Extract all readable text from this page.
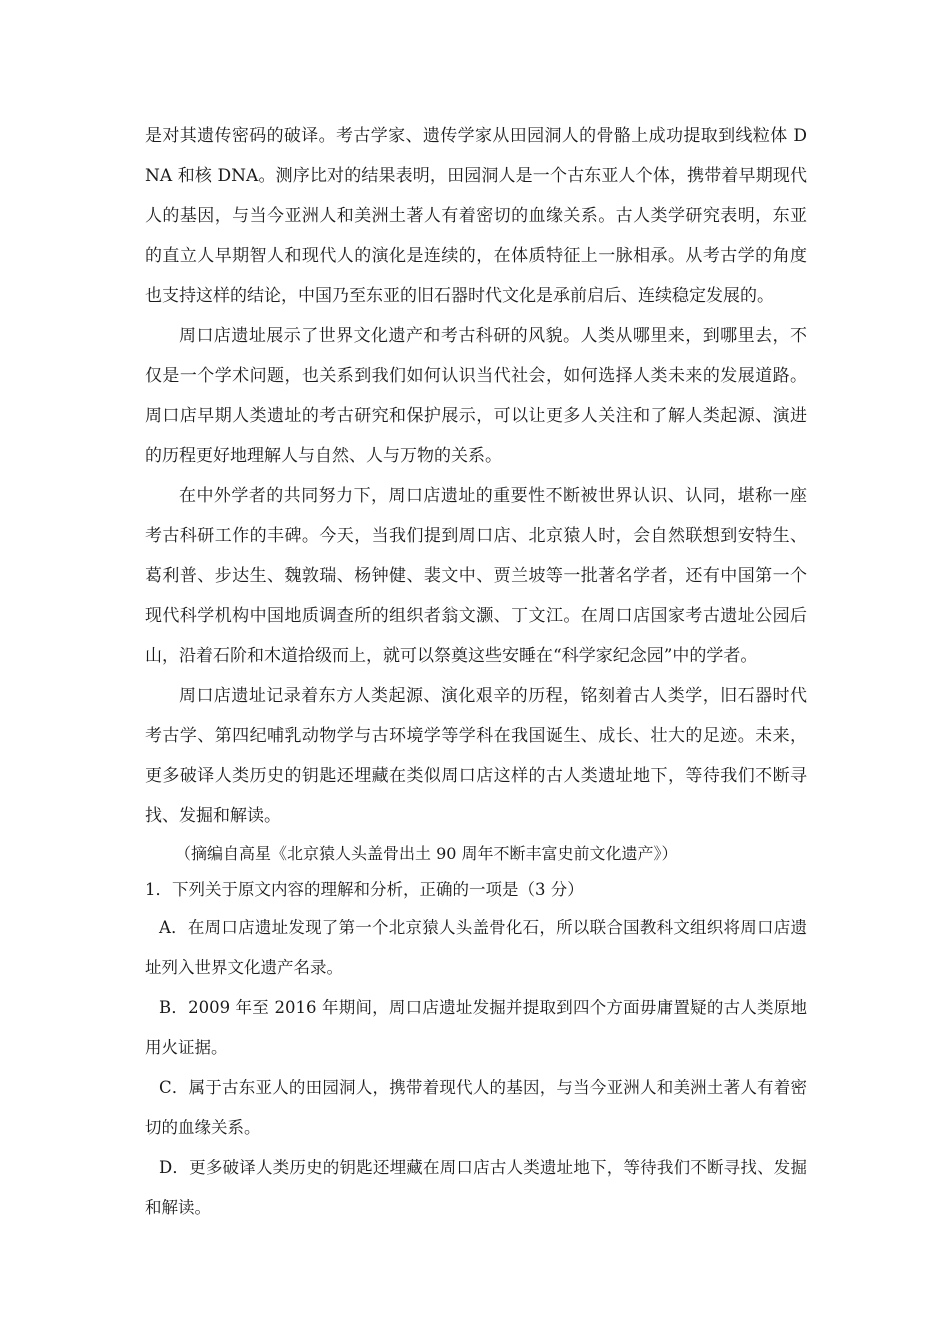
是对其遗传密码的破译。考古学家、遗传学家从田园洞人的骨骼上成功提取到线粒体 DNA 和核 DNA。测序比对的结果表明，田园洞人是一个古东亚人个体，携带着早期现代人的基因，与当今亚洲人和美洲土著人有着密切的血缘关系。古人类学研究表明，东亚的直立人早期智人和现代人的演化是连续的，在体质特征上一脉相承。从考古学的角度也支持这样的结论，中国乃至东亚的旧石器时代文化是承前启后、连续稳定发展的。

周口店遗址展示了世界文化遗产和考古科研的风貌。人类从哪里来，到哪里去，不仅是一个学术问题，也关系到我们如何认识当代社会，如何选择人类未来的发展道路。周口店早期人类遗址的考古研究和保护展示，可以让更多人关注和了解人类起源、演进的历程更好地理解人与自然、人与万物的关系。

在中外学者的共同努力下，周口店遗址的重要性不断被世界认识、认同，堪称一座考古科研工作的丰碑。今天，当我们提到周口店、北京猿人时，会自然联想到安特生、葛利普、步达生、魏敦瑞、杨钟健、裴文中、贾兰坡等一批著名学者，还有中国第一个现代科学机构中国地质调查所的组织者翁文灏、丁文江。在周口店国家考古遗址公园后山，沿着石阶和木道拾级而上，就可以祭奠这些安睡在“科学家纪念园”中的学者。

周口店遗址记录着东方人类起源、演化艰辛的历程，铭刻着古人类学，旧石器时代考古学、第四纪哺乳动物学与古环境学等学科在我国诞生、成长、壮大的足迹。未来，更多破译人类历史的钥匙还埋藏在类似周口店这样的古人类遗址地下，等待我们不断寻找、发掘和解读。

（摘编自高星《北京猿人头盖骨出土 90 周年不断丰富史前文化遗产》）

1．下列关于原文内容的理解和分析，正确的一项是（3 分）

A．在周口店遗址发现了第一个北京猿人头盖骨化石，所以联合国教科文组织将周口店遗址列入世界文化遗产名录。

B．2009 年至 2016 年期间，周口店遗址发掘并提取到四个方面毋庸置疑的古人类原地用火证据。

C．属于古东亚人的田园洞人，携带着现代人的基因，与当今亚洲人和美洲土著人有着密切的血缘关系。

D．更多破译人类历史的钥匙还埋藏在周口店古人类遗址地下，等待我们不断寻找、发掘和解读。
